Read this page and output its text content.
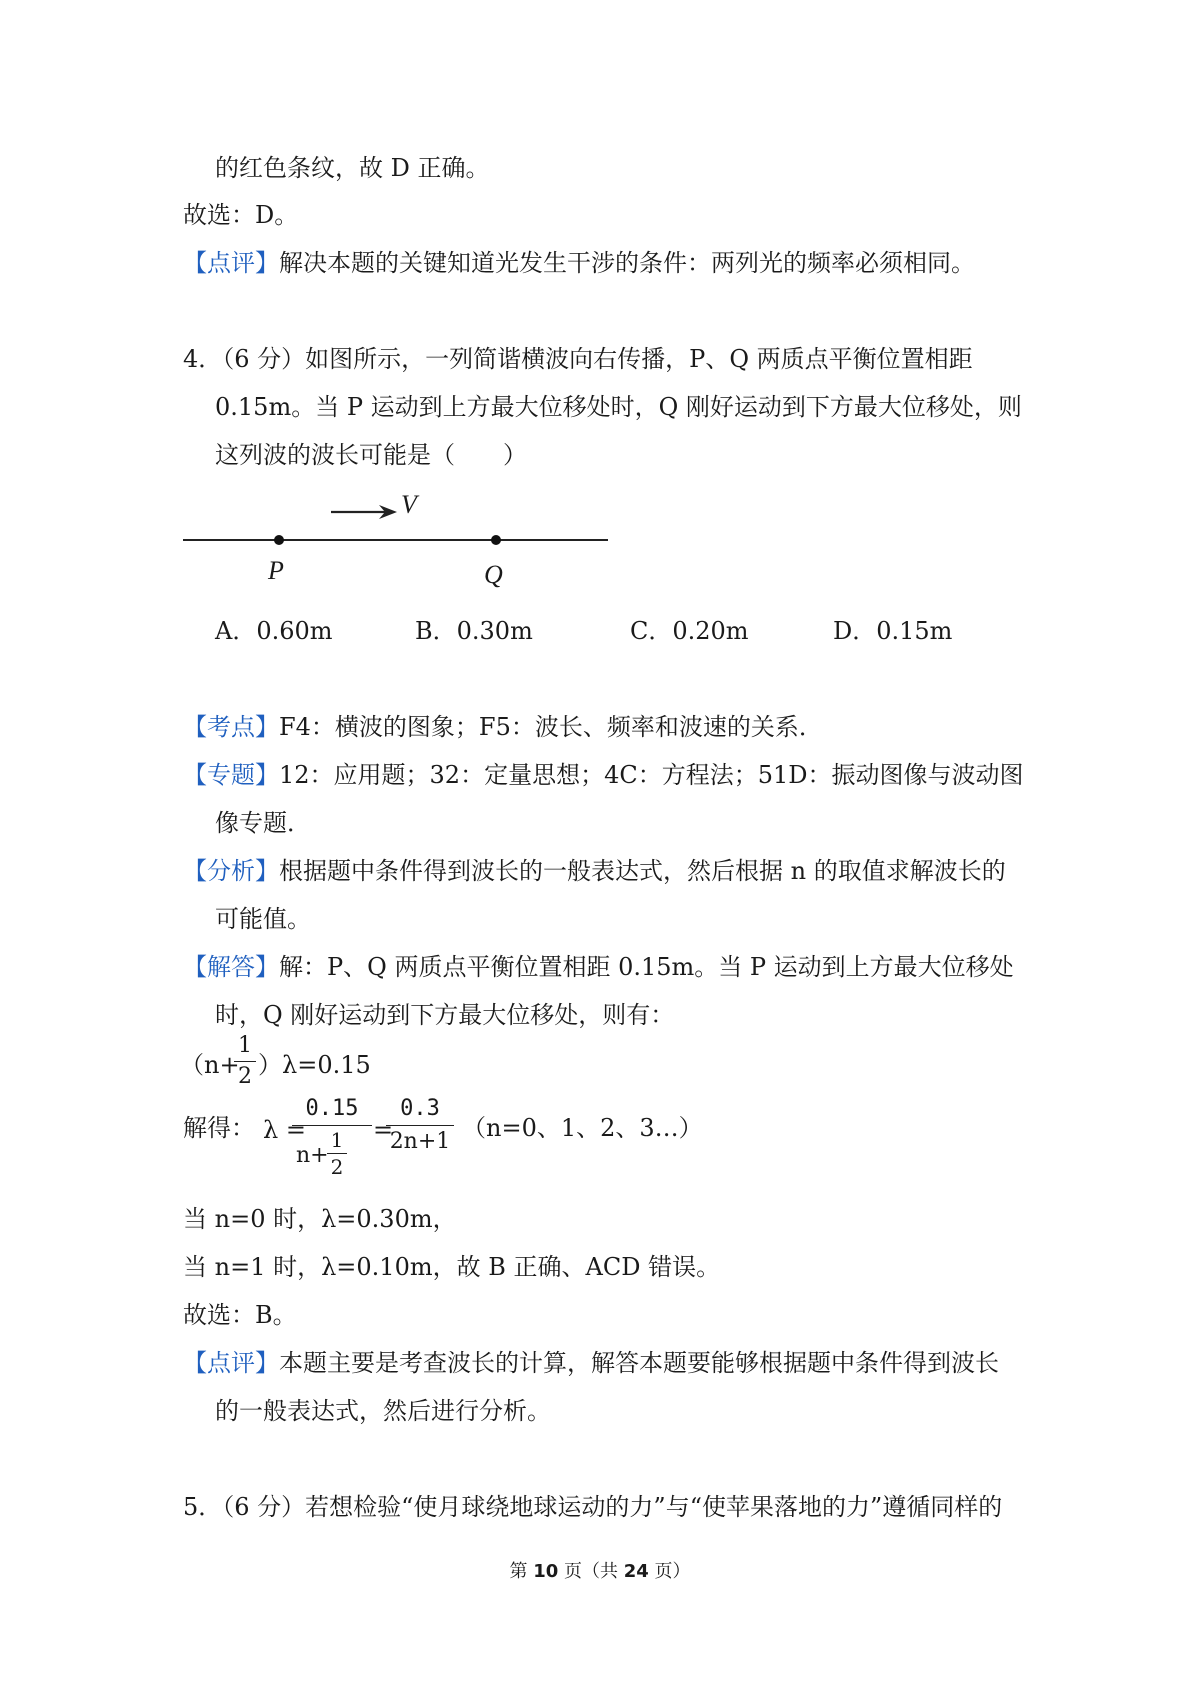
的红色条纹，故 D 正确。
故选：D。
【点评】解决本题的关键知道光发生干涉的条件：两列光的频率必须相同。
4．（6 分）如图所示，一列简谐横波向右传播，P、Q 两质点平衡位置相距
0.15m。当 P 运动到上方最大位移处时，Q 刚好运动到下方最大位移处，则
这列波的波长可能是（　　）
V
P	Q
A．0.60m	B．0.30m	C．0.20m	D．0.15m
【考点】F4：横波的图象；F5：波长、频率和波速的关系．
【专题】12：应用题；32：定量思想；4C：方程法；51D：振动图像与波动图
像专题．
【分析】根据题中条件得到波长的一般表达式，然后根据 n 的取值求解波长的
可能值。
【解答】解：P、Q 两质点平衡位置相距 0.15m。当 P 运动到上方最大位移处
时，Q 刚好运动到下方最大位移处，则有：
（n+
1
2 ）λ=0.15
解得： λ =
0.15
n+
1
2
=
0.3
2n+1 （n=0、1、2、3…）
当 n=0 时，λ=0.30m，
当 n=1 时，λ=0.10m，故 B 正确、ACD 错误。
故选：B。
【点评】本题主要是考查波长的计算，解答本题要能够根据题中条件得到波长
的一般表达式，然后进行分析。
5．（6 分）若想检验“使月球绕地球运动的力”与“使苹果落地的力”遵循同样的
第 10 页（共 24 页）
